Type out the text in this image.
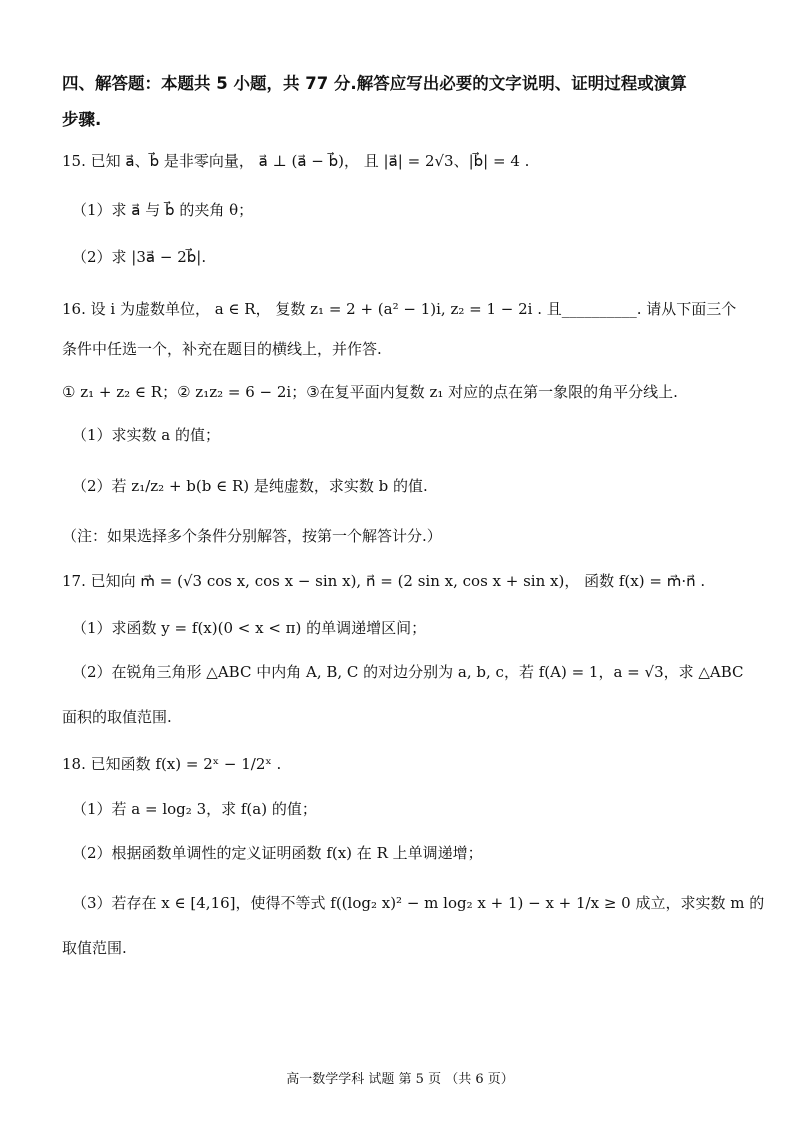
四、解答题：本题共 5 小题，共 77 分.解答应写出必要的文字说明、证明过程或演算
步骤.
15. 已知 a⃗、b⃗ 是非零向量， a⃗ ⊥ (a⃗ − b⃗)， 且 |a⃗| = 2√3、|b⃗| = 4 .
（1）求 a⃗ 与 b⃗ 的夹角 θ；
（2）求 |3a⃗ − 2b⃗|.
16. 设 i 为虚数单位， a ∈ R， 复数 z₁ = 2 + (a² − 1)i, z₂ = 1 − 2i . 且__________. 请从下面三个
条件中任选一个，补充在题目的横线上，并作答.
① z₁ + z₂ ∈ R；② z₁z₂ = 6 − 2i；③在复平面内复数 z₁ 对应的点在第一象限的角平分线上.
（1）求实数 a 的值；
（2）若 z₁/z₂ + b(b ∈ R) 是纯虚数，求实数 b 的值.
（注：如果选择多个条件分别解答，按第一个解答计分.）
17. 已知向 m⃗ = (√3 cos x, cos x − sin x), n⃗ = (2 sin x, cos x + sin x)， 函数 f(x) = m⃗·n⃗ .
（1）求函数 y = f(x)(0 < x < π) 的单调递增区间；
（2）在锐角三角形 △ABC 中内角 A, B, C 的对边分别为 a, b, c，若 f(A) = 1，a = √3，求 △ABC
面积的取值范围.
18. 已知函数 f(x) = 2ˣ − 1/2ˣ .
（1）若 a = log₂ 3，求 f(a) 的值；
（2）根据函数单调性的定义证明函数 f(x) 在 R 上单调递增；
（3）若存在 x ∈ [4,16]，使得不等式 f((log₂ x)² − m log₂ x + 1) − x + 1/x ≥ 0 成立，求实数 m 的
取值范围.
高一数学学科 试题 第 5 页 （共 6 页）
